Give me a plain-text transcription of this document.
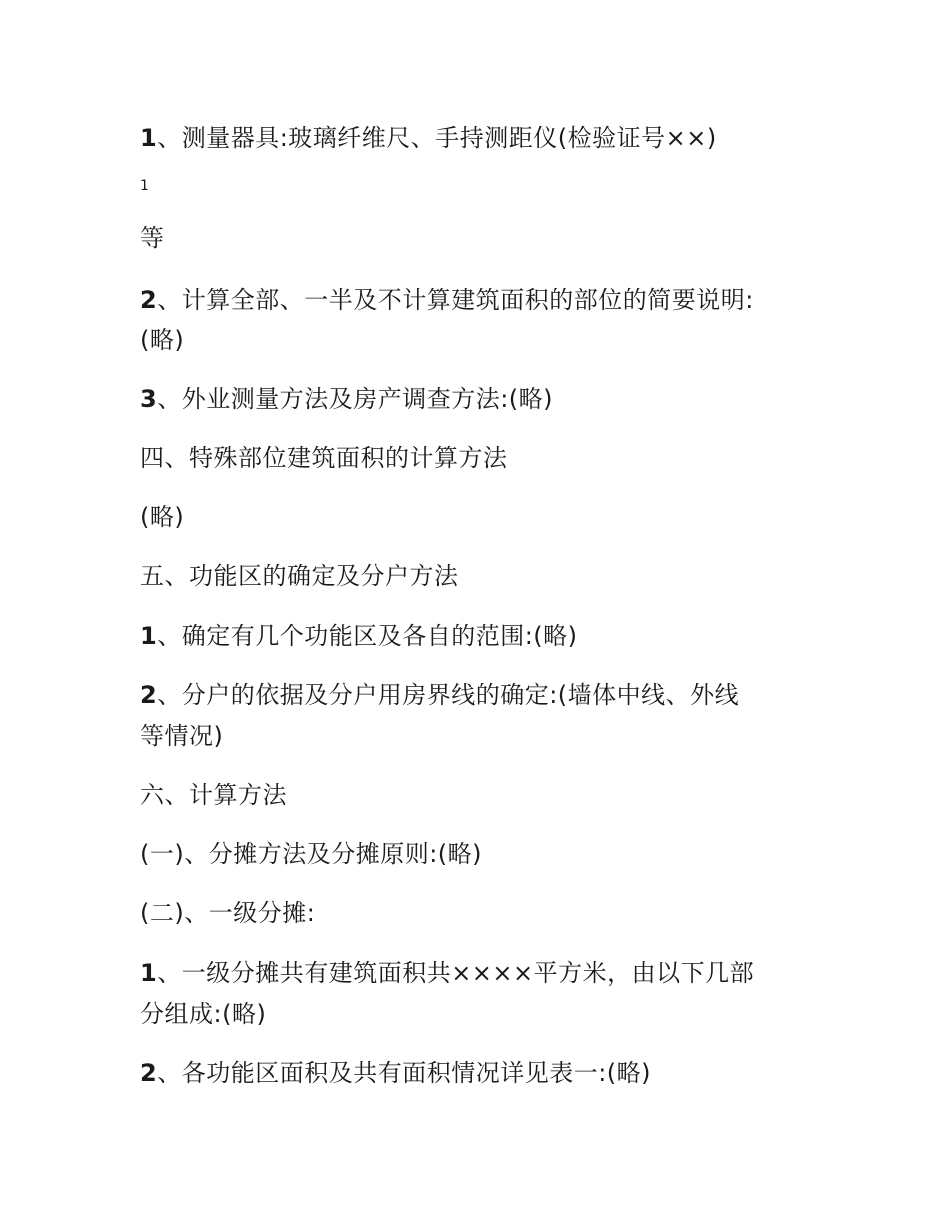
1、测量器具:玻璃纤维尺、手持测距仪(检验证号××)
1
等
2、计算全部、一半及不计算建筑面积的部位的简要说明:
(略)
3、外业测量方法及房产调查方法:(略)
四、特殊部位建筑面积的计算方法
(略)
五、功能区的确定及分户方法
1、确定有几个功能区及各自的范围:(略)
2、分户的依据及分户用房界线的确定:(墙体中线、外线
等情况)
六、计算方法
(一)、分摊方法及分摊原则:(略)
(二)、一级分摊:
1、一级分摊共有建筑面积共××××平方米，由以下几部
分组成:(略)
2、各功能区面积及共有面积情况详见表一:(略)
